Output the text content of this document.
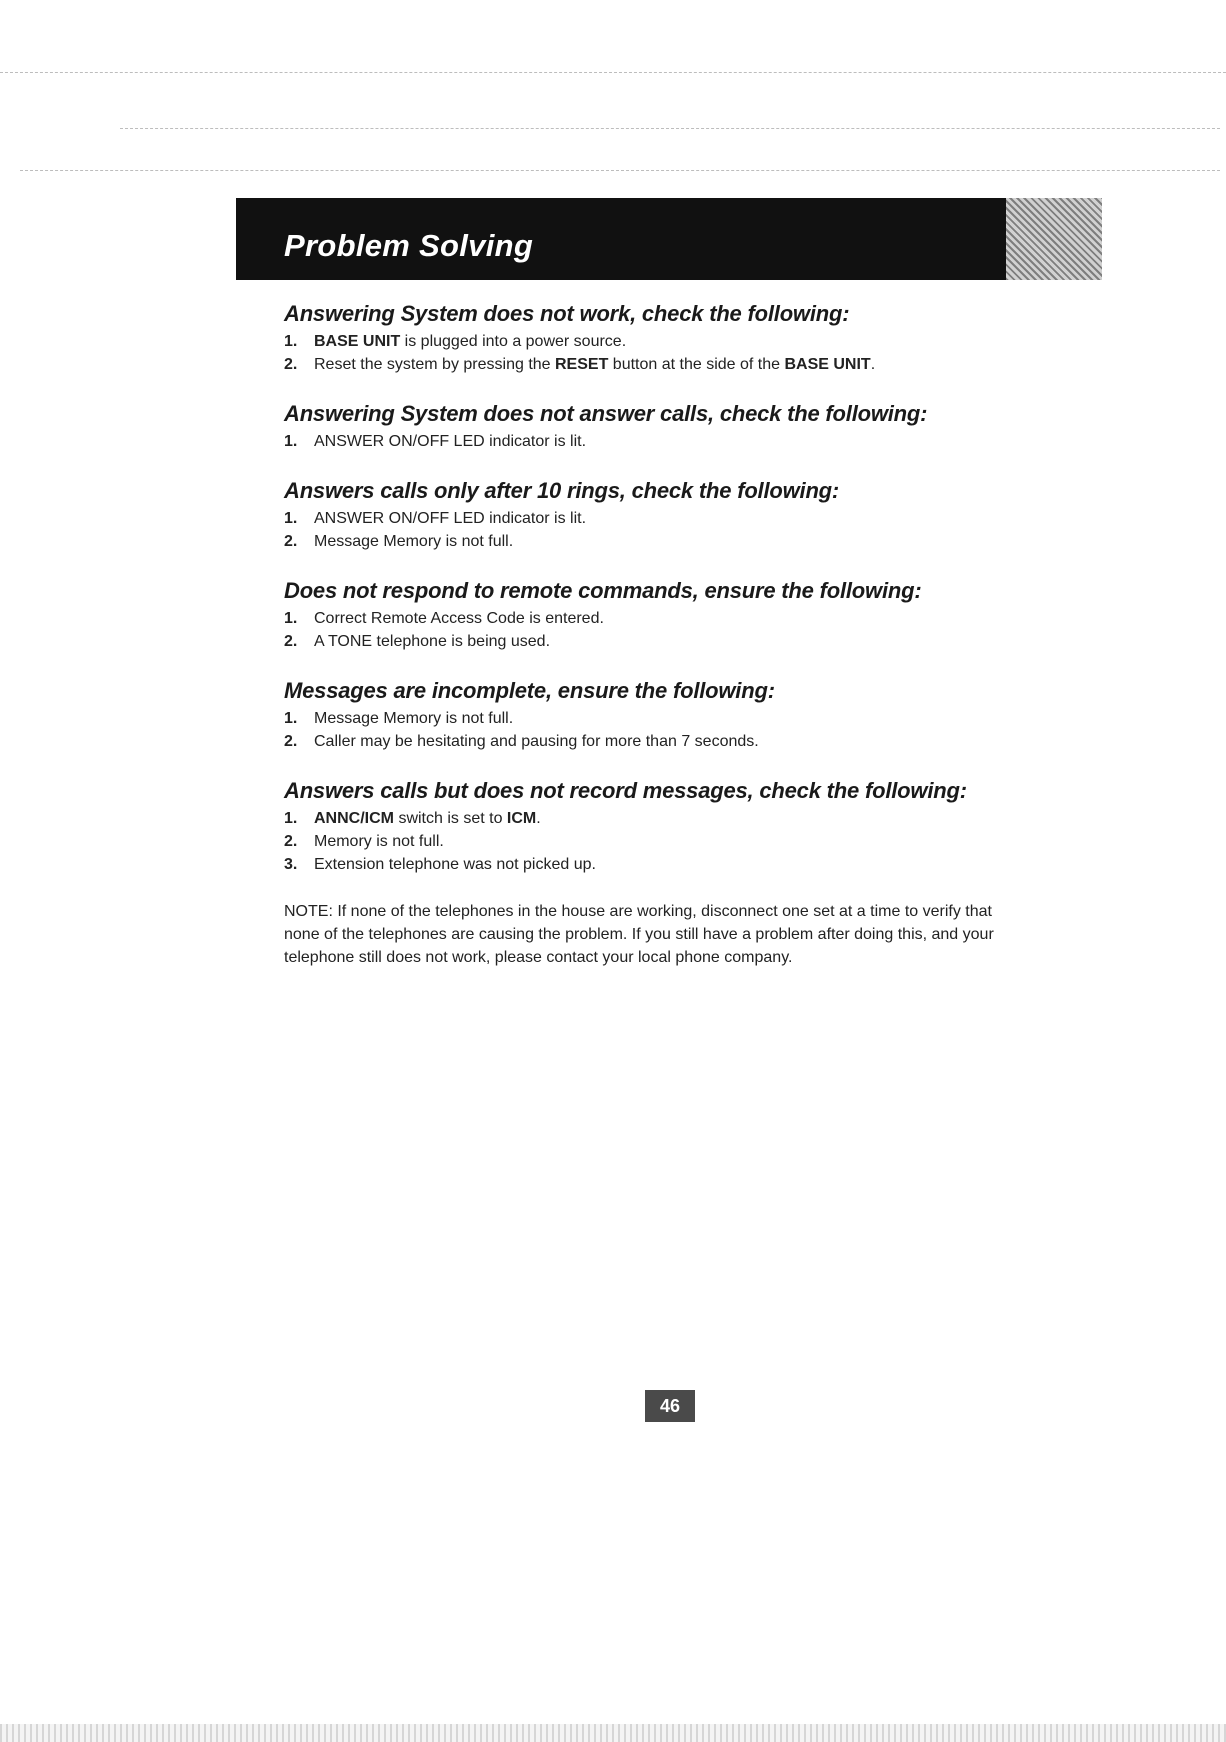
Problem Solving
Answering System does not work, check the following:
1.	BASE UNIT is plugged into a power source.
2.	Reset the system by pressing the RESET button at the side of the BASE UNIT.
Answering System does not answer calls, check the following:
1.	ANSWER ON/OFF LED indicator is lit.
Answers calls only after 10 rings, check the following:
1.	ANSWER ON/OFF LED indicator is lit.
2.	Message Memory is not full.
Does not respond to remote commands, ensure the following:
1.	Correct Remote Access Code is entered.
2.	A TONE telephone is being used.
Messages are incomplete, ensure the following:
1.	Message Memory is not full.
2.	Caller may be hesitating and pausing for more than 7 seconds.
Answers calls but does not record messages, check the following:
1.	ANNC/ICM switch is set to ICM.
2.	Memory is not full.
3.	Extension telephone was not picked up.
NOTE: If none of the telephones in the house are working, disconnect one set at a time to verify that none of the telephones are causing the problem. If you still have a problem after doing this, and your telephone still does not work, please contact your local phone company.
46
